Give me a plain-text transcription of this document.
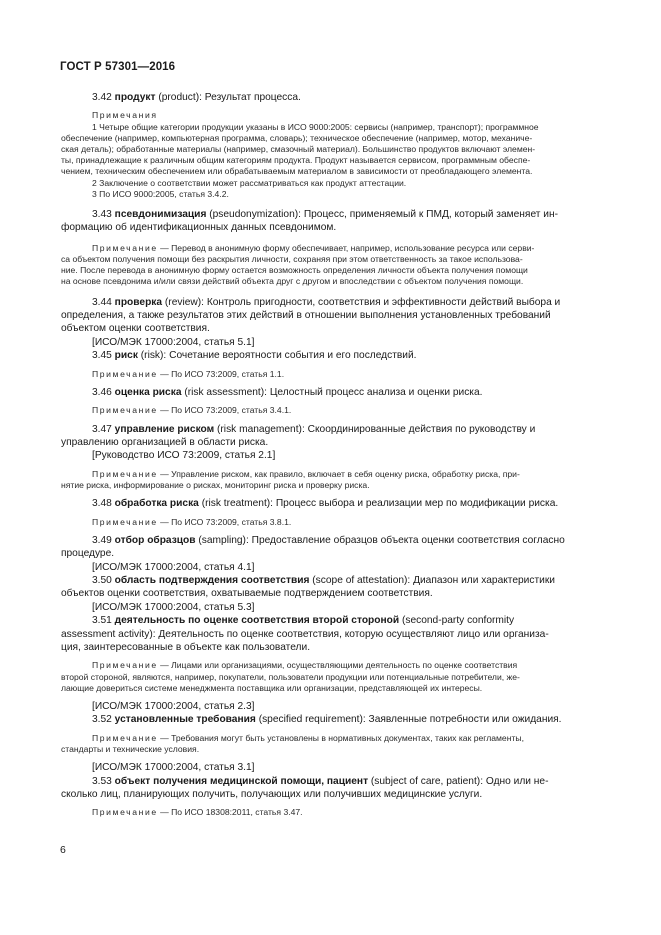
ГОСТ Р 57301—2016

3.42 продукт (product): Результат процесса.

Примечания

1 Четыре общие категории продукции указаны в ИСО 9000:2005: сервисы (например, транспорт); программное

обеспечение (например, компьютерная программа, словарь); техническое обеспечение (например, мотор, механиче-

ская деталь); обработанные материалы (например, смазочный материал). Большинство продуктов включают элемен-

ты, принадлежащие к различным общим категориям продукта. Продукт называется сервисом, программным обеспе-

чением, техническим обеспечением или обрабатываемым материалом в зависимости от преобладающего элемента.

2 Заключение о соответствии может рассматриваться как продукт аттестации.

3 По ИСО 9000:2005, статья 3.4.2.

3.43 псевдонимизация (pseudonymization): Процесс, применяемый к ПМД, который заменяет ин-

формацию об идентификационных данных псевдонимом.

Примечание — Перевод в анонимную форму обеспечивает, например, использование ресурса или серви-

са объектом получения помощи без раскрытия личности, сохраняя при этом ответственность за такое использова-

ние. После перевода в анонимную форму остается возможность определения личности объекта получения помощи

на основе псевдонима и/или связи действий объекта друг с другом и впоследствии с объектом получения помощи.

3.44 проверка (review): Контроль пригодности, соответствия и эффективности действий выбора и

определения, а также результатов этих действий в отношении выполнения установленных требований

объектом оценки соответствия.

[ИСО/МЭК 17000:2004, статья 5.1]

3.45 риск (risk): Сочетание вероятности события и его последствий.

Примечание — По ИСО 73:2009, статья 1.1.

3.46 оценка риска (risk assessment): Целостный процесс анализа и оценки риска.

Примечание — По ИСО 73:2009, статья 3.4.1.

3.47 управление риском (risk management): Скоординированные действия по руководству и

управлению организацией в области риска.

[Руководство ИСО 73:2009, статья 2.1]

Примечание — Управление риском, как правило, включает в себя оценку риска, обработку риска, при-

нятие риска, информирование о рисках, мониторинг риска и проверку риска.

3.48 обработка риска (risk treatment): Процесс выбора и реализации мер по модификации риска.

Примечание — По ИСО 73:2009, статья 3.8.1.

3.49 отбор образцов (sampling): Предоставление образцов объекта оценки соответствия согласно

процедуре.

[ИСО/МЭК 17000:2004, статья 4.1]

3.50 область подтверждения соответствия (scope of attestation): Диапазон или характеристики

объектов оценки соответствия, охватываемые подтверждением соответствия.

[ИСО/МЭК 17000:2004, статья 5.3]

3.51 деятельность по оценке соответствия второй стороной (second-party conformity

assessment activity): Деятельность по оценке соответствия, которую осуществляют лицо или организа-

ция, заинтересованные в объекте как пользователи.

Примечание — Лицами или организациями, осуществляющими деятельность по оценке соответствия

второй стороной, являются, например, покупатели, пользователи продукции или потенциальные потребители, же-

лающие довериться системе менеджмента поставщика или организации, представляющей их интересы.

[ИСО/МЭК 17000:2004, статья 2.3]

3.52 установленные требования (specified requirement): Заявленные потребности или ожидания.

Примечание — Требования могут быть установлены в нормативных документах, таких как регламенты,

стандарты и технические условия.

[ИСО/МЭК 17000:2004, статья 3.1]

3.53 объект получения медицинской помощи, пациент (subject of care, patient): Одно или не-

сколько лиц, планирующих получить, получающих или получивших медицинские услуги.

Примечание — По ИСО 18308:2011, статья 3.47.

6
